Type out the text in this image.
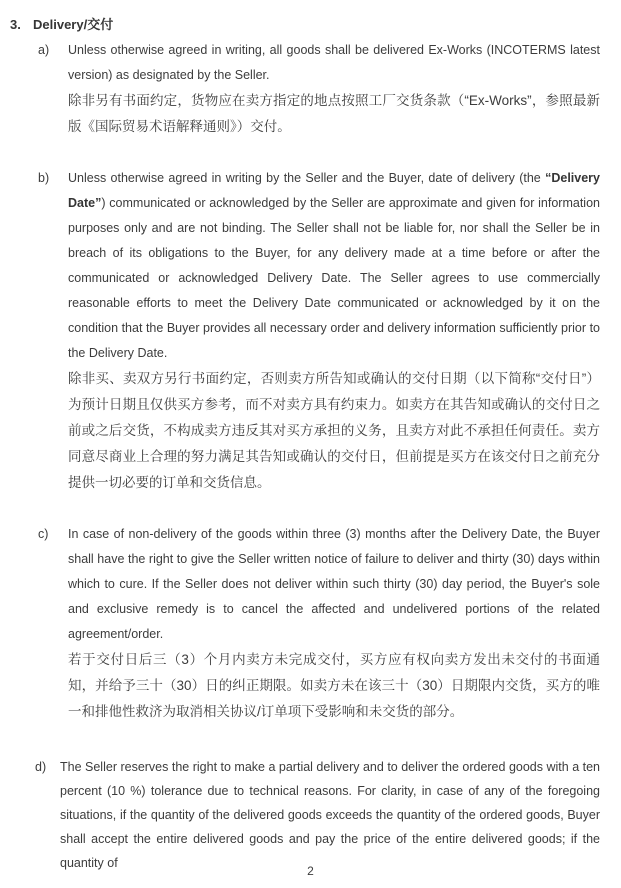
3. Delivery/交付
a)	Unless otherwise agreed in writing, all goods shall be delivered Ex-Works (INCOTERMS latest version) as designated by the Seller.
除非另有书面约定，货物应在卖方指定的地点按照工厂交货条款（“Ex-Works”，参照最新版《国际贸易术语解释通则》）交付。
b)	Unless otherwise agreed in writing by the Seller and the Buyer, date of delivery (the “Delivery Date”) communicated or acknowledged by the Seller are approximate and given for information purposes only and are not binding. The Seller shall not be liable for, nor shall the Seller be in breach of its obligations to the Buyer, for any delivery made at a time before or after the communicated or acknowledged Delivery Date. The Seller agrees to use commercially reasonable efforts to meet the Delivery Date communicated or acknowledged by it on the condition that the Buyer provides all necessary order and delivery information sufficiently prior to the Delivery Date.
除非买、卖双方另行书面约定，否则卖方所告知或确认的交付日期（以下简称“交付日”）为预计日期且仅供买方参考，而不对卖方具有约束力。如卖方在其告知或确认的交付日之前或之后交货，不构成卖方违反其对买方承担的义务，且卖方对此不承担任何责任。卖方同意尽商业上合理的努力满足其告知或确认的交付日，但前提是买方在该交付日之前充分提供一切必要的订单和交货信息。
c)	In case of non-delivery of the goods within three (3) months after the Delivery Date, the Buyer shall have the right to give the Seller written notice of failure to deliver and thirty (30) days within which to cure. If the Seller does not deliver within such thirty (30) day period, the Buyer's sole and exclusive remedy is to cancel the affected and undelivered portions of the related agreement/order.
若于交付日后三（3）个月内卖方未完成交付，买方应有权向卖方发出未交付的书面通知，并给予三十（30）日的纠正期限。如卖方未在该三十（30）日期限内交货，买方的唯一和排他性救济为取消相关协议/订单项下受影响和未交货的部分。
d)	The Seller reserves the right to make a partial delivery and to deliver the ordered goods with a ten percent (10 %) tolerance due to technical reasons. For clarity, in case of any of the foregoing situations, if the quantity of the delivered goods exceeds the quantity of the ordered goods, Buyer shall accept the entire delivered goods and pay the price of the entire delivered goods; if the quantity of
2
